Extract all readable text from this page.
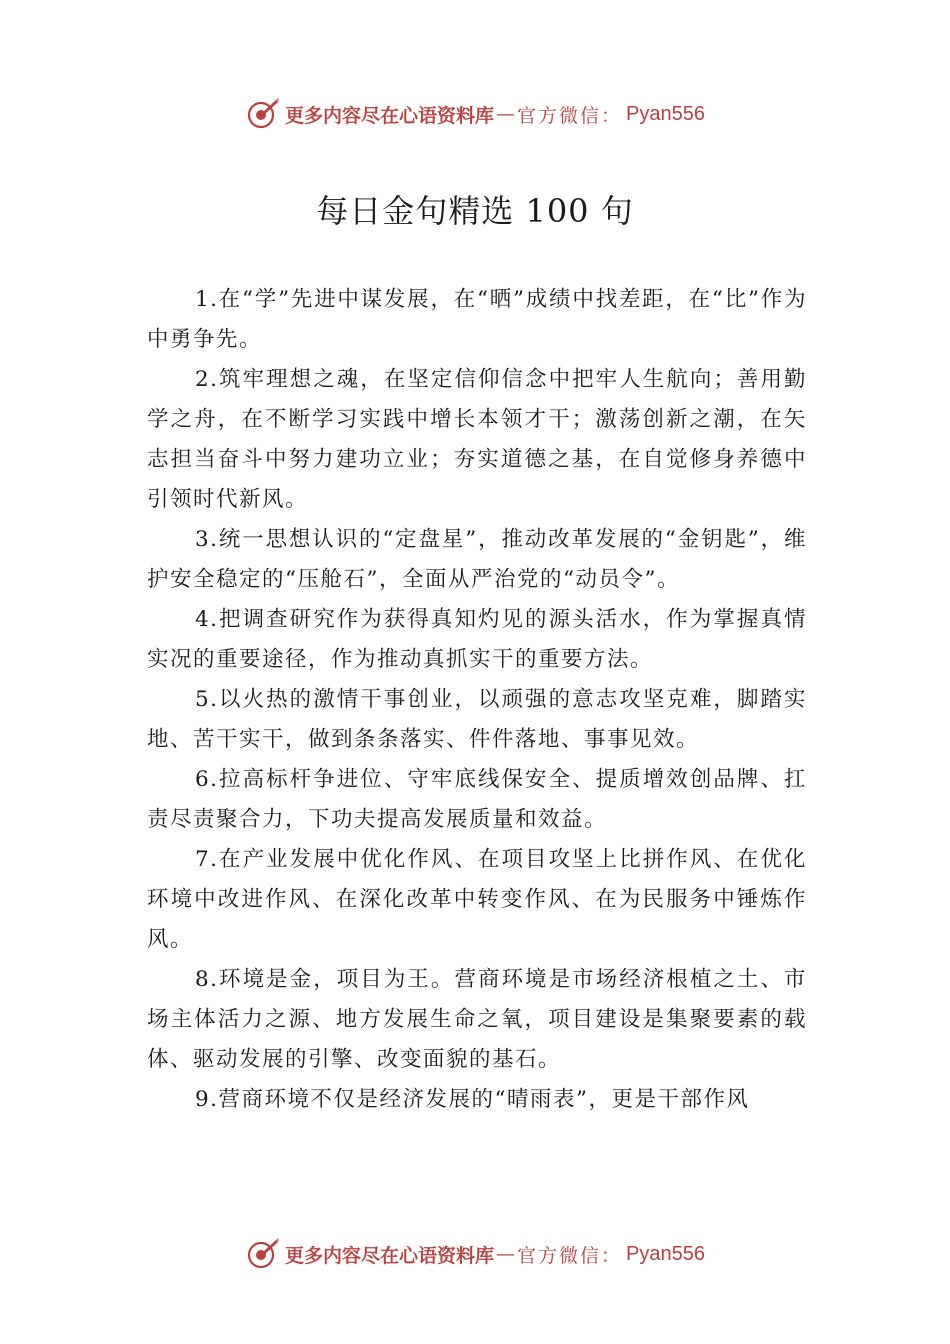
更多内容尽在心语资料库 — 官方微信： Pyan556
每日金句精选 100 句

1.在“学”先进中谋发展，在“晒”成绩中找差距，在“比”作为中勇争先。

2.筑牢理想之魂，在坚定信仰信念中把牢人生航向；善用勤学之舟，在不断学习实践中增长本领才干；激荡创新之潮，在矢志担当奋斗中努力建功立业；夯实道德之基，在自觉修身养德中引领时代新风。

3.统一思想认识的“定盘星”，推动改革发展的“金钥匙”，维护安全稳定的“压舱石”，全面从严治党的“动员令”。

4.把调查研究作为获得真知灼见的源头活水，作为掌握真情实况的重要途径，作为推动真抓实干的重要方法。

5.以火热的激情干事创业，以顽强的意志攻坚克难，脚踏实地、苦干实干，做到条条落实、件件落地、事事见效。

6.拉高标杆争进位、守牢底线保安全、提质增效创品牌、扛责尽责聚合力，下功夫提高发展质量和效益。

7.在产业发展中优化作风、在项目攻坚上比拼作风、在优化环境中改进作风、在深化改革中转变作风、在为民服务中锤炼作风。

8.环境是金，项目为王。营商环境是市场经济根植之土、市场主体活力之源、地方发展生命之氧，项目建设是集聚要素的载体、驱动发展的引擎、改变面貌的基石。

9.营商环境不仅是经济发展的“晴雨表”，更是干部作风

更多内容尽在心语资料库 — 官方微信： Pyan556
